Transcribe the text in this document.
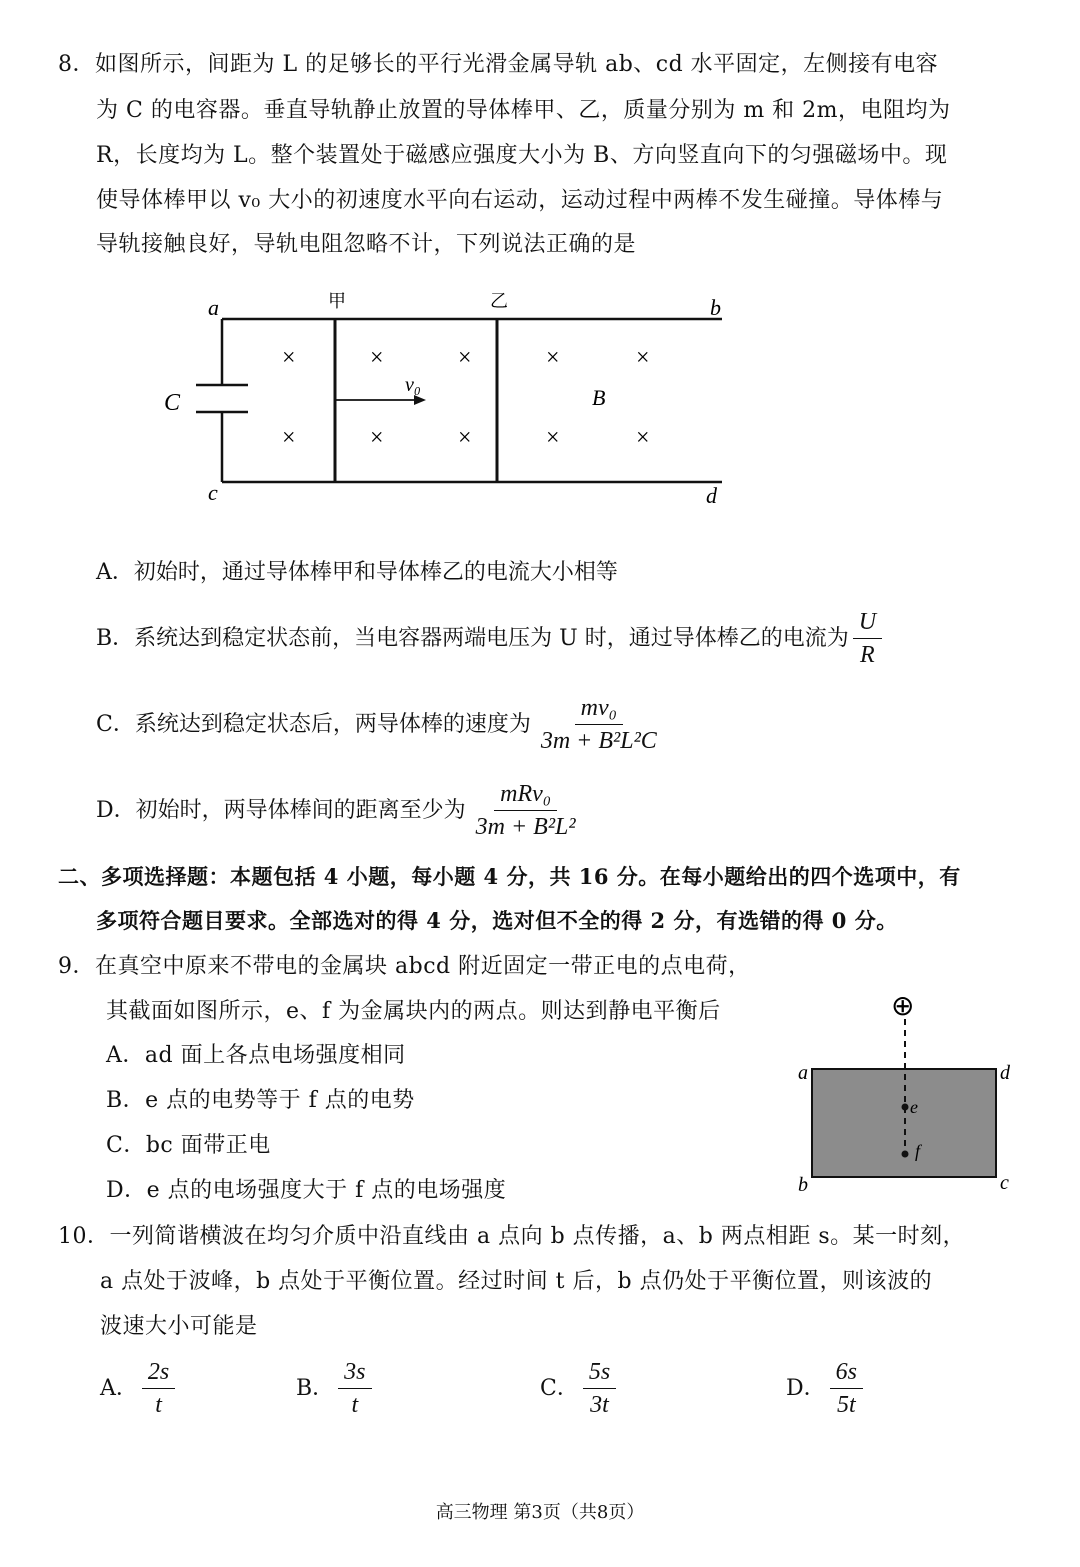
8．如图所示，间距为 L 的足够长的平行光滑金属导轨 ab、cd 水平固定，左侧接有电容
为 C 的电容器。垂直导轨静止放置的导体棒甲、乙，质量分别为 m 和 2m，电阻均为
R，长度均为 L。整个装置处于磁感应强度大小为 B、方向竖直向下的匀强磁场中。现
使导体棒甲以 v₀ 大小的初速度水平向右运动，运动过程中两棒不发生碰撞。导体棒与
导轨接触良好，导轨电阻忽略不计，下列说法正确的是
a	b
c	d
C	B
甲	乙
v₀
×	×	×	×	×
×	×	×	×	×
A．初始时，通过导体棒甲和导体棒乙的电流大小相等
B．系统达到稳定状态前，当电容器两端电压为 U 时，通过导体棒乙的电流为 $\frac{U}{R}$
C．系统达到稳定状态后，两导体棒的速度为 $\frac{\text{mv₀}}{\text{3m + B²L²C}}$
D．初始时，两导体棒间的距离至少为 $\frac{\text{mRv₀}}{\text{3m + B²L²}}$
二、多项选择题：本题包括 4 小题，每小题 4 分，共 16 分。在每小题给出的四个选项中，有
多项符合题目要求。全部选对的得 4 分，选对但不全的得 2 分，有选错的得 0 分。
9．在真空中原来不带电的金属块 abcd 附近固定一带正电的点电荷，
其截面如图所示，e、f 为金属块内的两点。则达到静电平衡后
A．ad 面上各点电场强度相同
B．e 点的电势等于 f 点的电势
C．bc 面带正电
D．e 点的电场强度大于 f 点的电场强度
⊕
a	d
b	c
e
f
10．一列简谐横波在均匀介质中沿直线由 a 点向 b 点传播，a、b 两点相距 s。某一时刻，
a 点处于波峰，b 点处于平衡位置。经过时间 t 后，b 点仍处于平衡位置，则该波的
波速大小可能是
A． $\frac{2s}{t}$	B． $\frac{3s}{t}$	C． $\frac{5s}{3t}$	D． $\frac{6s}{5t}$
高三物理 第3页（共8页）
